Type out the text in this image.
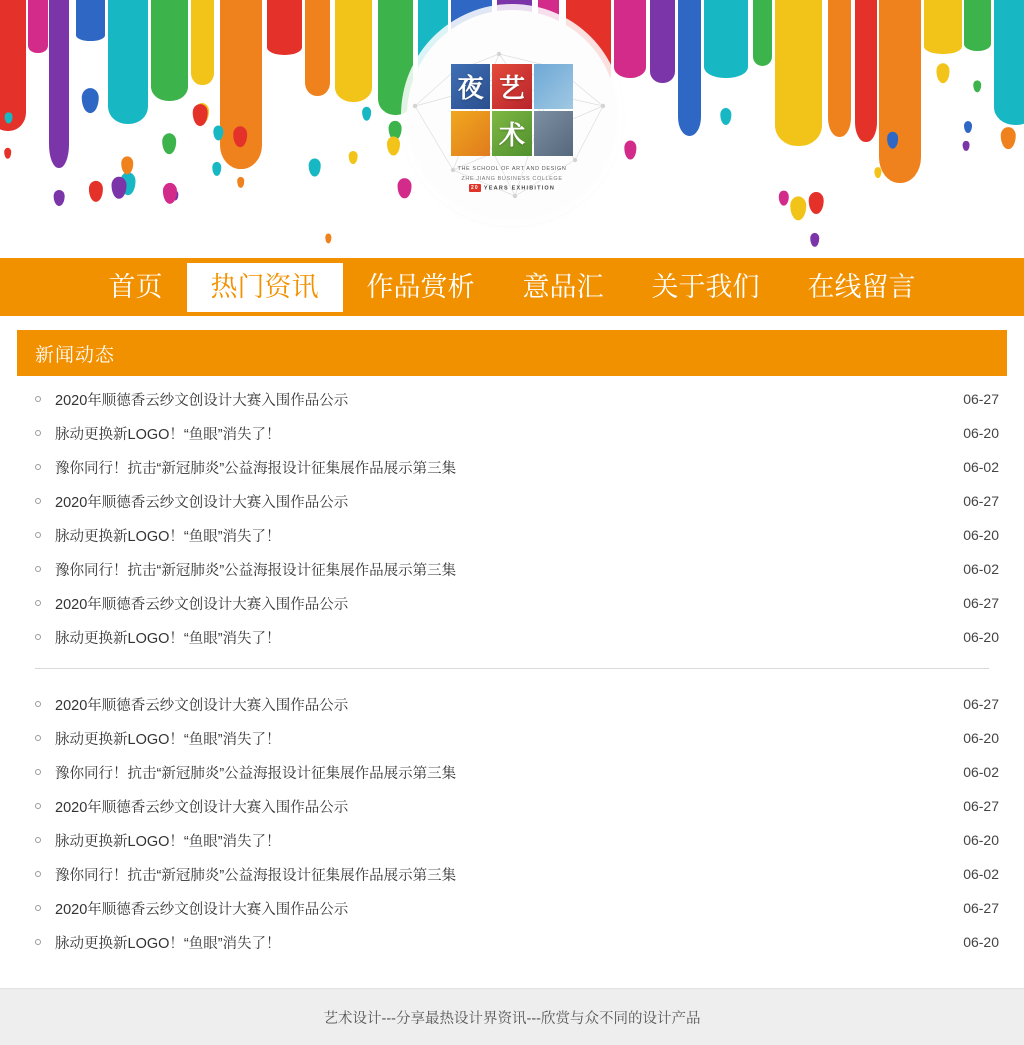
夜 艺
术
THE SCHOOL OF ART AND DESIGN
ZHE JIANG BUSINESS COLLEGE
20 YEARS EXHIBITION
首页	热门资讯	作品赏析	意品汇	关于我们	在线留言
新闻动态
2020年顺德香云纱文创设计大赛入围作品公示	06-27
脉动更换新LOGO！“鱼眼”消失了！	06-20
豫你同行！抗击“新冠肺炎”公益海报设计征集展作品展示第三集	06-02
2020年顺德香云纱文创设计大赛入围作品公示	06-27
脉动更换新LOGO！“鱼眼”消失了！	06-20
豫你同行！抗击“新冠肺炎”公益海报设计征集展作品展示第三集	06-02
2020年顺德香云纱文创设计大赛入围作品公示	06-27
脉动更换新LOGO！“鱼眼”消失了！	06-20
2020年顺德香云纱文创设计大赛入围作品公示	06-27
脉动更换新LOGO！“鱼眼”消失了！	06-20
豫你同行！抗击“新冠肺炎”公益海报设计征集展作品展示第三集	06-02
2020年顺德香云纱文创设计大赛入围作品公示	06-27
脉动更换新LOGO！“鱼眼”消失了！	06-20
豫你同行！抗击“新冠肺炎”公益海报设计征集展作品展示第三集	06-02
2020年顺德香云纱文创设计大赛入围作品公示	06-27
脉动更换新LOGO！“鱼眼”消失了！	06-20
艺术设计---分享最热设计界资讯---欣赏与众不同的设计产品
